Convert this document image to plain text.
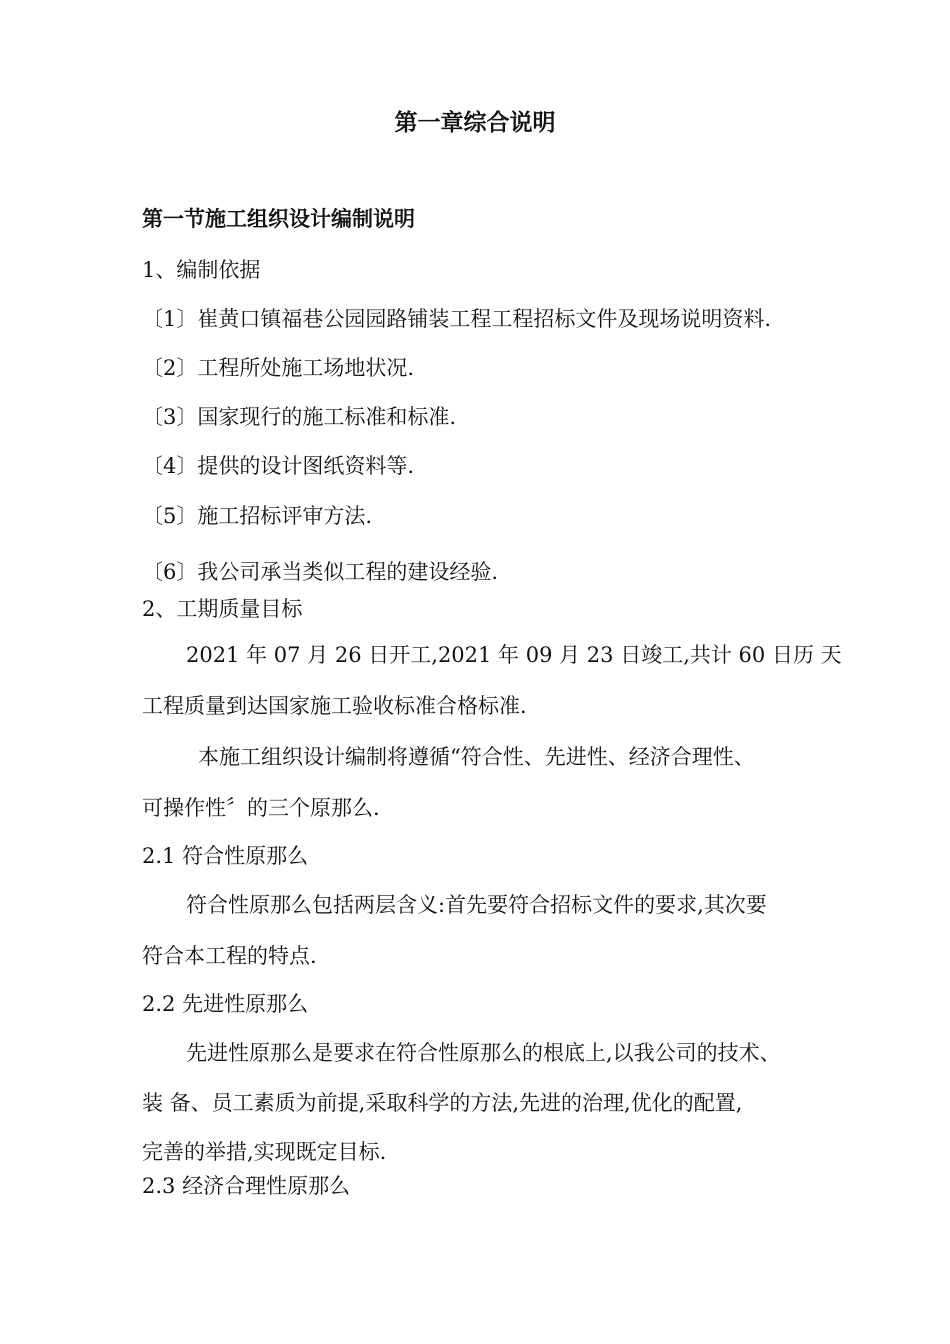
第一章综合说明
第一节施工组织设计编制说明
1、编制依据
〔1〕崔黄口镇福巷公园园路铺装工程工程招标文件及现场说明资料.
〔2〕工程所处施工场地状况.
〔3〕国家现行的施工标准和标准.
〔4〕提供的设计图纸资料等.
〔5〕施工招标评审方法.
〔6〕我公司承当类似工程的建设经验.
2、工期质量目标
2021 年 07 月 26 日开工,2021 年 09 月 23 日竣工,共计 60 日历 天
工程质量到达国家施工验收标准合格标准.
本施工组织设计编制将遵循“符合性、先进性、经济合理性、
可操作性〞的三个原那么.
2.1 符合性原那么
符合性原那么包括两层含义:首先要符合招标文件的要求,其次要
符合本工程的特点.
2.2 先进性原那么
先进性原那么是要求在符合性原那么的根底上,以我公司的技术、
装 备、员工素质为前提,采取科学的方法,先进的治理,优化的配置,
完善的举措,实现既定目标.
2.3 经济合理性原那么
